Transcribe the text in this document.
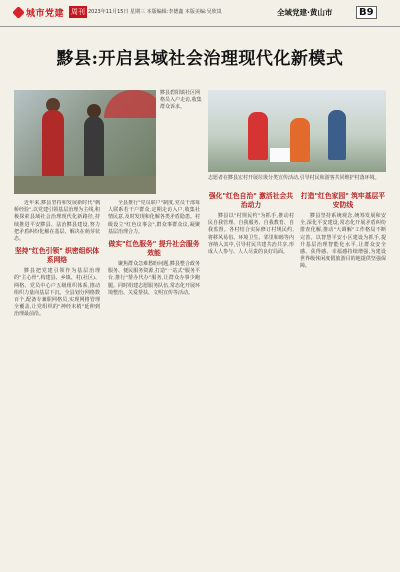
城市党建 周刊 2023年11月15日 星期三 本版编辑:李德鑫 本版美编:吴欣岚	全域党建·黄山市	B9
黟县:开启县域社会治理现代化新模式
黟县碧阳镇社区网格员入户走访,收集群众诉求。
志愿者在黟县宏村开展垃圾分类宣传活动,引导村民和游客共同维护村落环境。

近年来,黟县坚持和发展新时代"枫桥经验",以党建引领基层治理为主线,积极探索县域社会治理现代化新路径,持续推进平安黟县、法治黟县建设,努力把矛盾纠纷化解在基层、解决在萌芽状态。

坚持"红色引领" 织密组织体系网络

黟县把党建引领作为基层治理的"主心骨",构建县、乡镇、村(社区)、网格、党员中心户五级组织体系,推动组织力量向基层下沉。全县划分网格数百个,配备专兼职网格员,实现网格管理全覆盖,让党组织的"神经末梢"延伸到治理最前沿。

全县推行"党员联户"制度,党员干部每人联系若干户群众,定期走访入户,收集社情民意,及时发现和化解各类矛盾隐患。村级设立"红色议事会",群众事群众议,凝聚基层治理合力。

做实"红色服务" 提升社会服务效能

聚焦群众急难愁盼问题,黟县整合政务服务、便民服务资源,打造"一站式"服务平台,推行"帮办代办"服务,让群众办事少跑腿。同时组建志愿服务队伍,常态化开展环境整治、关爱帮扶、文明宣传等活动。

强化"红色自治" 激活社会共治动力

黟县以"村规民约"为抓手,推动村民自我管理、自我服务、自我教育、自我监督。各村结合实际修订村规民约,将移风易俗、环境卫生、邻里和睦等内容纳入其中,引导村民共建共治共享,形成人人参与、人人尽责的良好局面。

打造"红色家园" 筑牢基层平安防线

黟县坚持系统观念,统筹发展和安全,深化平安建设,常态化开展矛盾纠纷排查化解,推动"大调解"工作格局不断完善。以智慧平安小区建设为抓手,提升基层治理智能化水平,让群众安全感、获得感、幸福感持续增强,为建设世界级休闲度假旅游目的地提供坚强保障。
